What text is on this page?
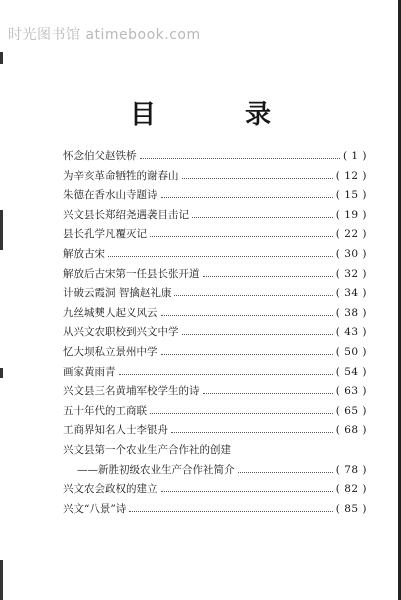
时光图书馆 atimebook.com
目 录
怀念伯父赵铁桥	( 1 )
为辛亥革命牺牲的谢春山	( 12 )
朱德在香水山寺题诗	( 15 )
兴文县长郑绍尧遇袭目击记	( 19 )
县长孔学凡覆灭记	( 22 )
解放古宋	( 30 )
解放后古宋第一任县长张开道	( 32 )
计破云霞洞 智擒赵礼康	( 34 )
九丝城僰人起义风云	( 38 )
从兴文农职校到兴文中学	( 43 )
忆大坝私立景州中学	( 50 )
画家黄雨青	( 54 )
兴文县三名黄埔军校学生的诗	( 63 )
五十年代的工商联	( 65 )
工商界知名人士李银舟	( 68 )
兴文县第一个农业生产合作社的创建
——新胜初级农业生产合作社简介	( 78 )
兴文农会政权的建立	( 82 )
兴文“八景”诗	( 85 )
